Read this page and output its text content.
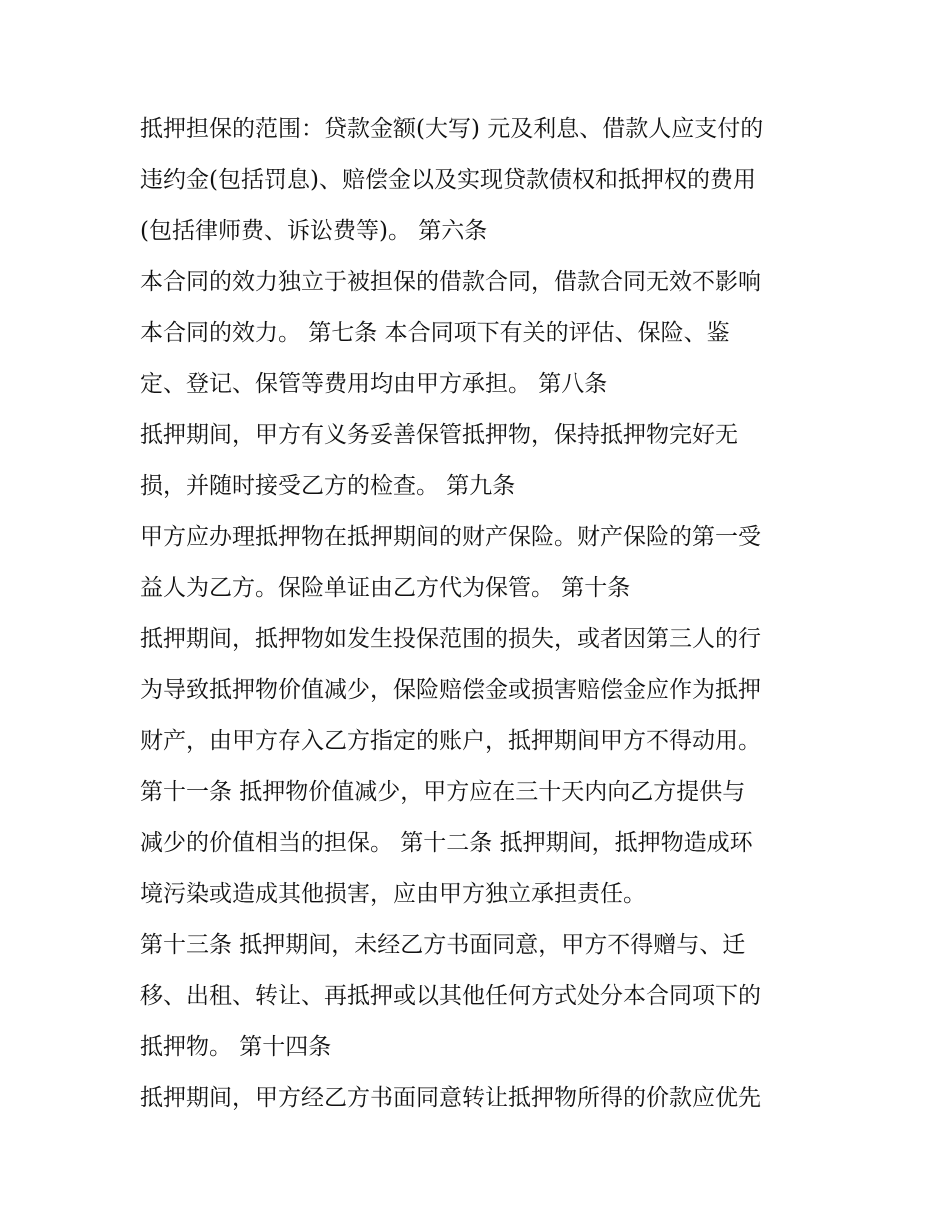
抵押担保的范围：贷款金额(大写) 元及利息、借款人应支付的
违约金(包括罚息)、赔偿金以及实现贷款债权和抵押权的费用
(包括律师费、诉讼费等)。 第六条
本合同的效力独立于被担保的借款合同，借款合同无效不影响
本合同的效力。 第七条 本合同项下有关的评估、保险、鉴
定、登记、保管等费用均由甲方承担。 第八条
抵押期间，甲方有义务妥善保管抵押物，保持抵押物完好无
损，并随时接受乙方的检查。 第九条
甲方应办理抵押物在抵押期间的财产保险。财产保险的第一受
益人为乙方。保险单证由乙方代为保管。 第十条
抵押期间，抵押物如发生投保范围的损失，或者因第三人的行
为导致抵押物价值减少，保险赔偿金或损害赔偿金应作为抵押
财产，由甲方存入乙方指定的账户，抵押期间甲方不得动用。
第十一条 抵押物价值减少，甲方应在三十天内向乙方提供与
减少的价值相当的担保。 第十二条 抵押期间，抵押物造成环
境污染或造成其他损害，应由甲方独立承担责任。
第十三条 抵押期间，未经乙方书面同意，甲方不得赠与、迁
移、出租、转让、再抵押或以其他任何方式处分本合同项下的
抵押物。 第十四条
抵押期间，甲方经乙方书面同意转让抵押物所得的价款应优先
